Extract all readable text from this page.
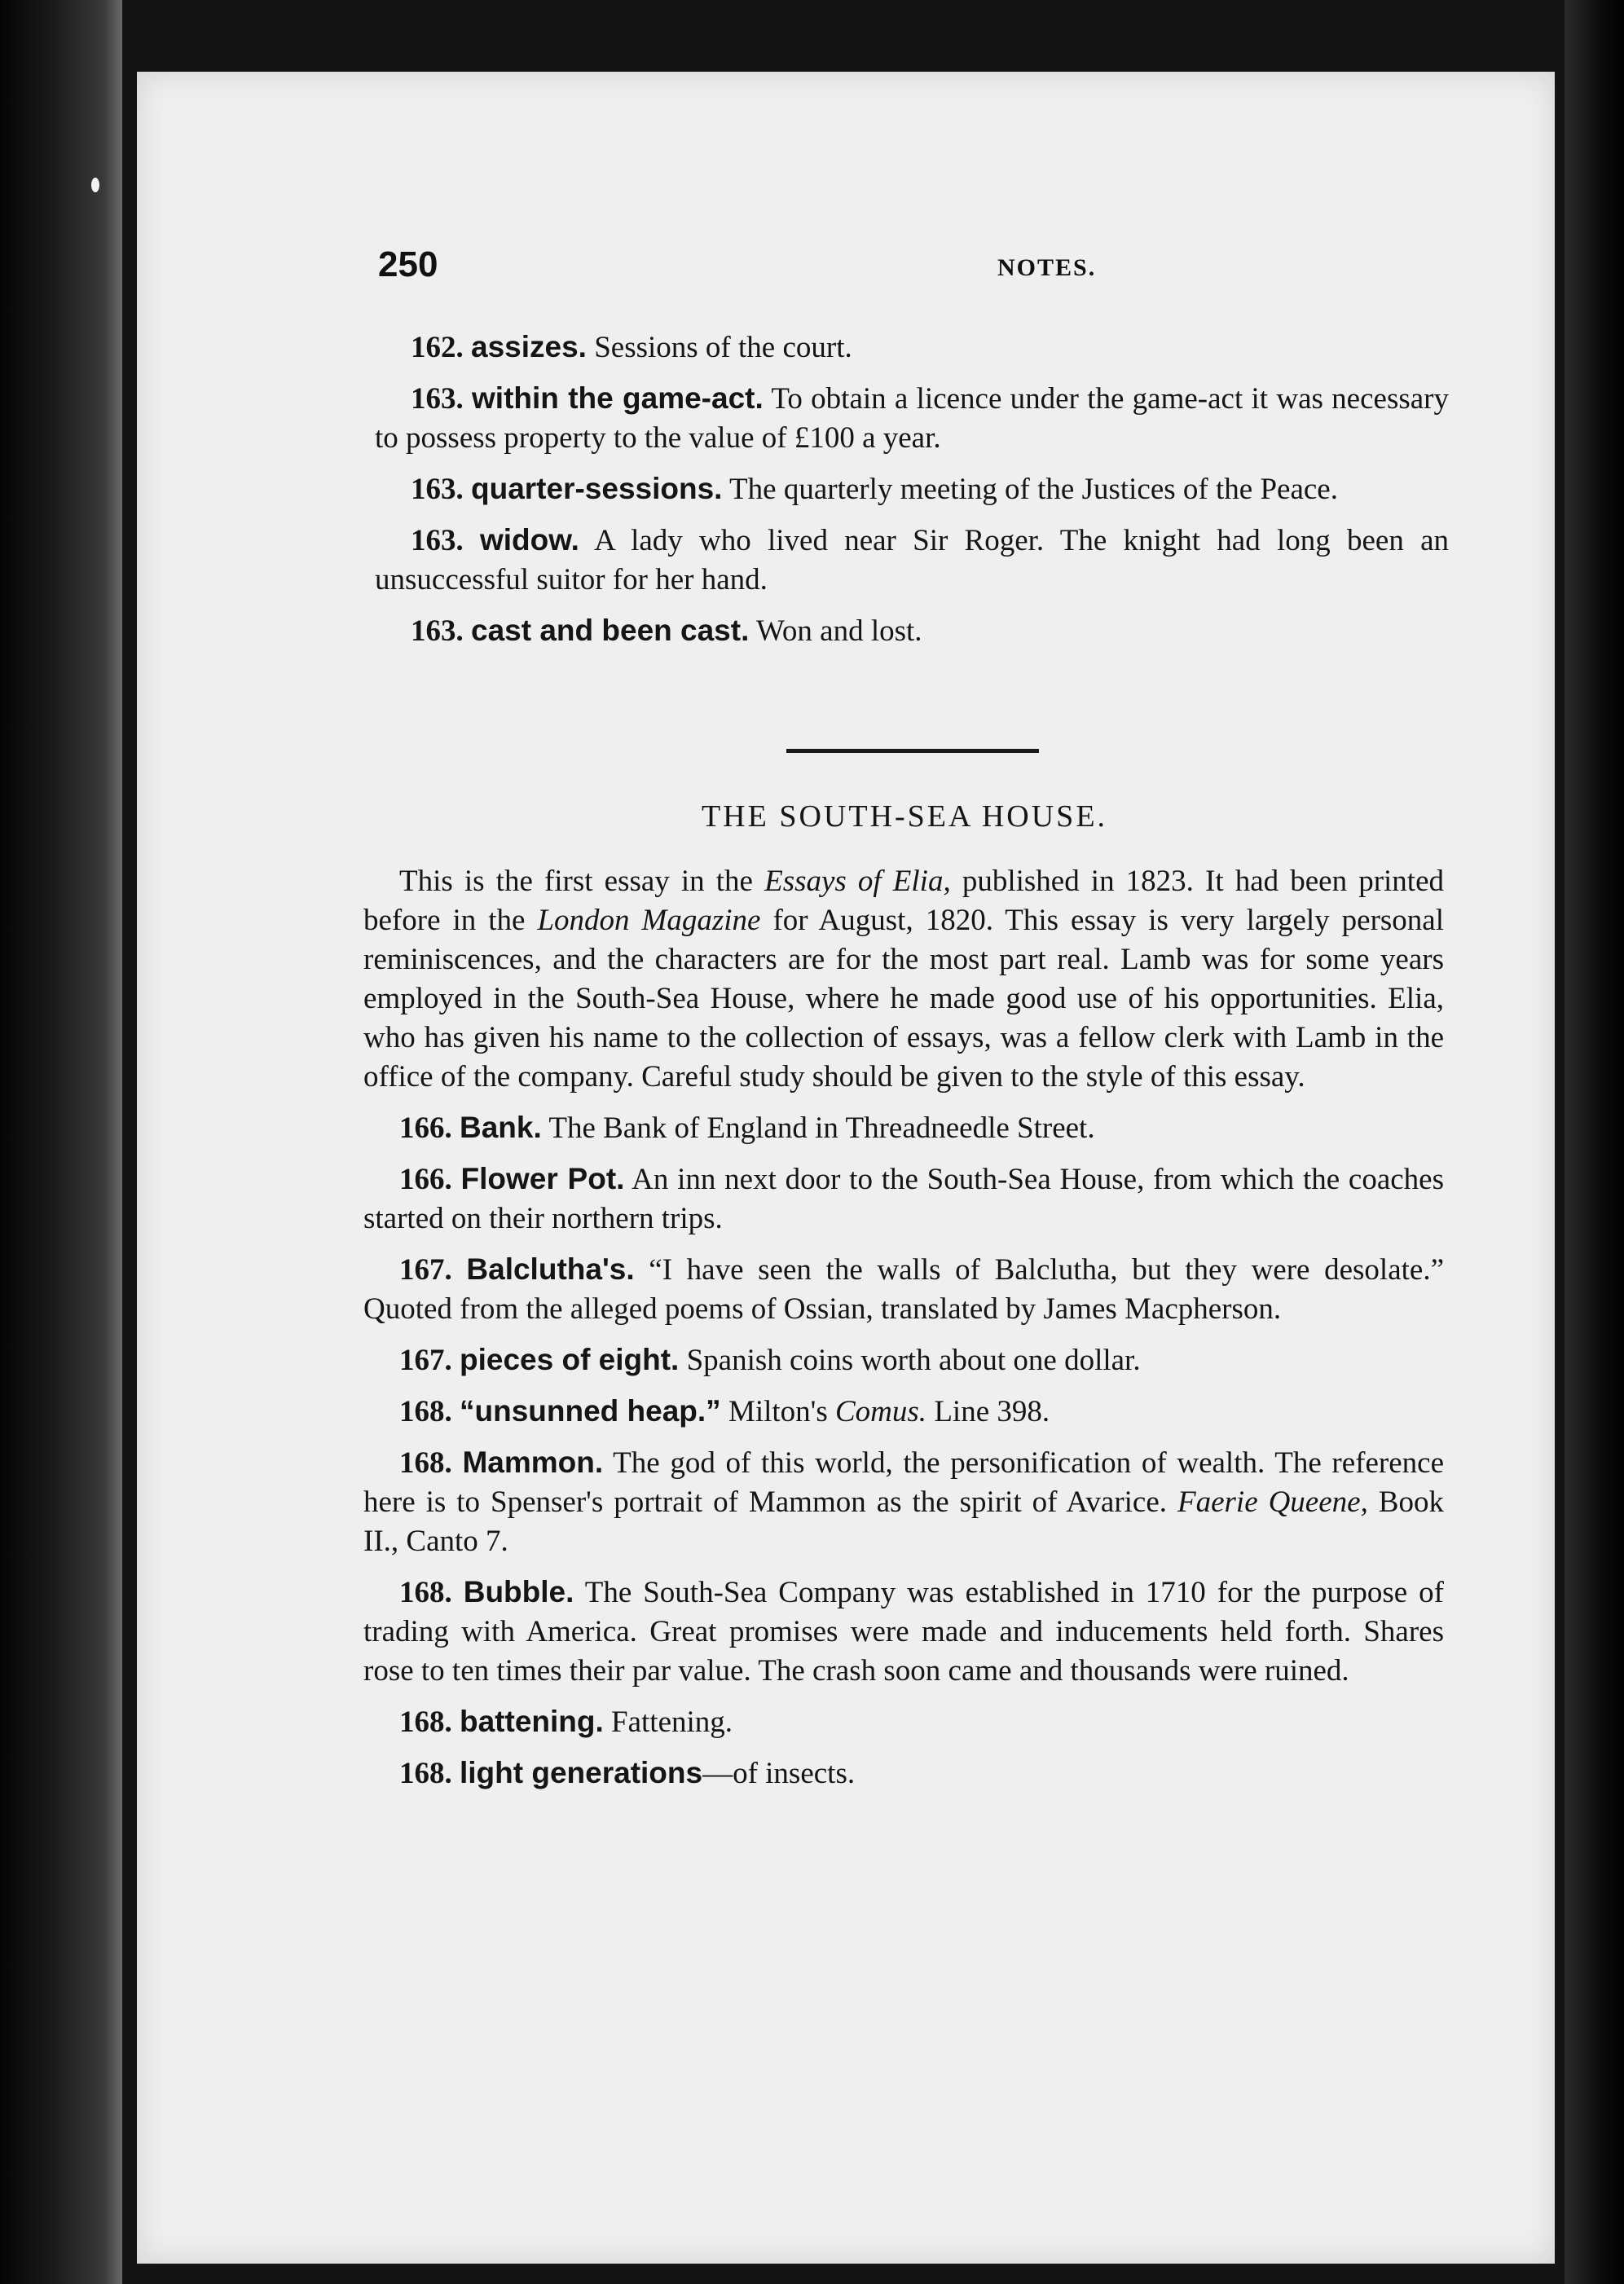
250	NOTES.

162. assizes. Sessions of the court.

163. within the game-act. To obtain a licence under the game-act it was necessary to possess property to the value of £100 a year.

163. quarter-sessions. The quarterly meeting of the Justices of the Peace.

163. widow. A lady who lived near Sir Roger. The knight had long been an unsuccessful suitor for her hand.

163. cast and been cast. Won and lost.

THE SOUTH-SEA HOUSE.

This is the first essay in the Essays of Elia, published in 1823. It had been printed before in the London Magazine for August, 1820. This essay is very largely personal reminiscences, and the characters are for the most part real. Lamb was for some years employed in the South-Sea House, where he made good use of his opportunities. Elia, who has given his name to the collection of essays, was a fellow clerk with Lamb in the office of the company. Careful study should be given to the style of this essay.

166. Bank. The Bank of England in Threadneedle Street.

166. Flower Pot. An inn next door to the South-Sea House, from which the coaches started on their northern trips.

167. Balclutha's. “I have seen the walls of Balclutha, but they were desolate.” Quoted from the alleged poems of Ossian, translated by James Macpherson.

167. pieces of eight. Spanish coins worth about one dollar.

168. “unsunned heap.” Milton's Comus. Line 398.

168. Mammon. The god of this world, the personification of wealth. The reference here is to Spenser's portrait of Mammon as the spirit of Avarice. Faerie Queene, Book II., Canto 7.

168. Bubble. The South-Sea Company was established in 1710 for the purpose of trading with America. Great promises were made and inducements held forth. Shares rose to ten times their par value. The crash soon came and thousands were ruined.

168. battening. Fattening.

168. light generations—of insects.
